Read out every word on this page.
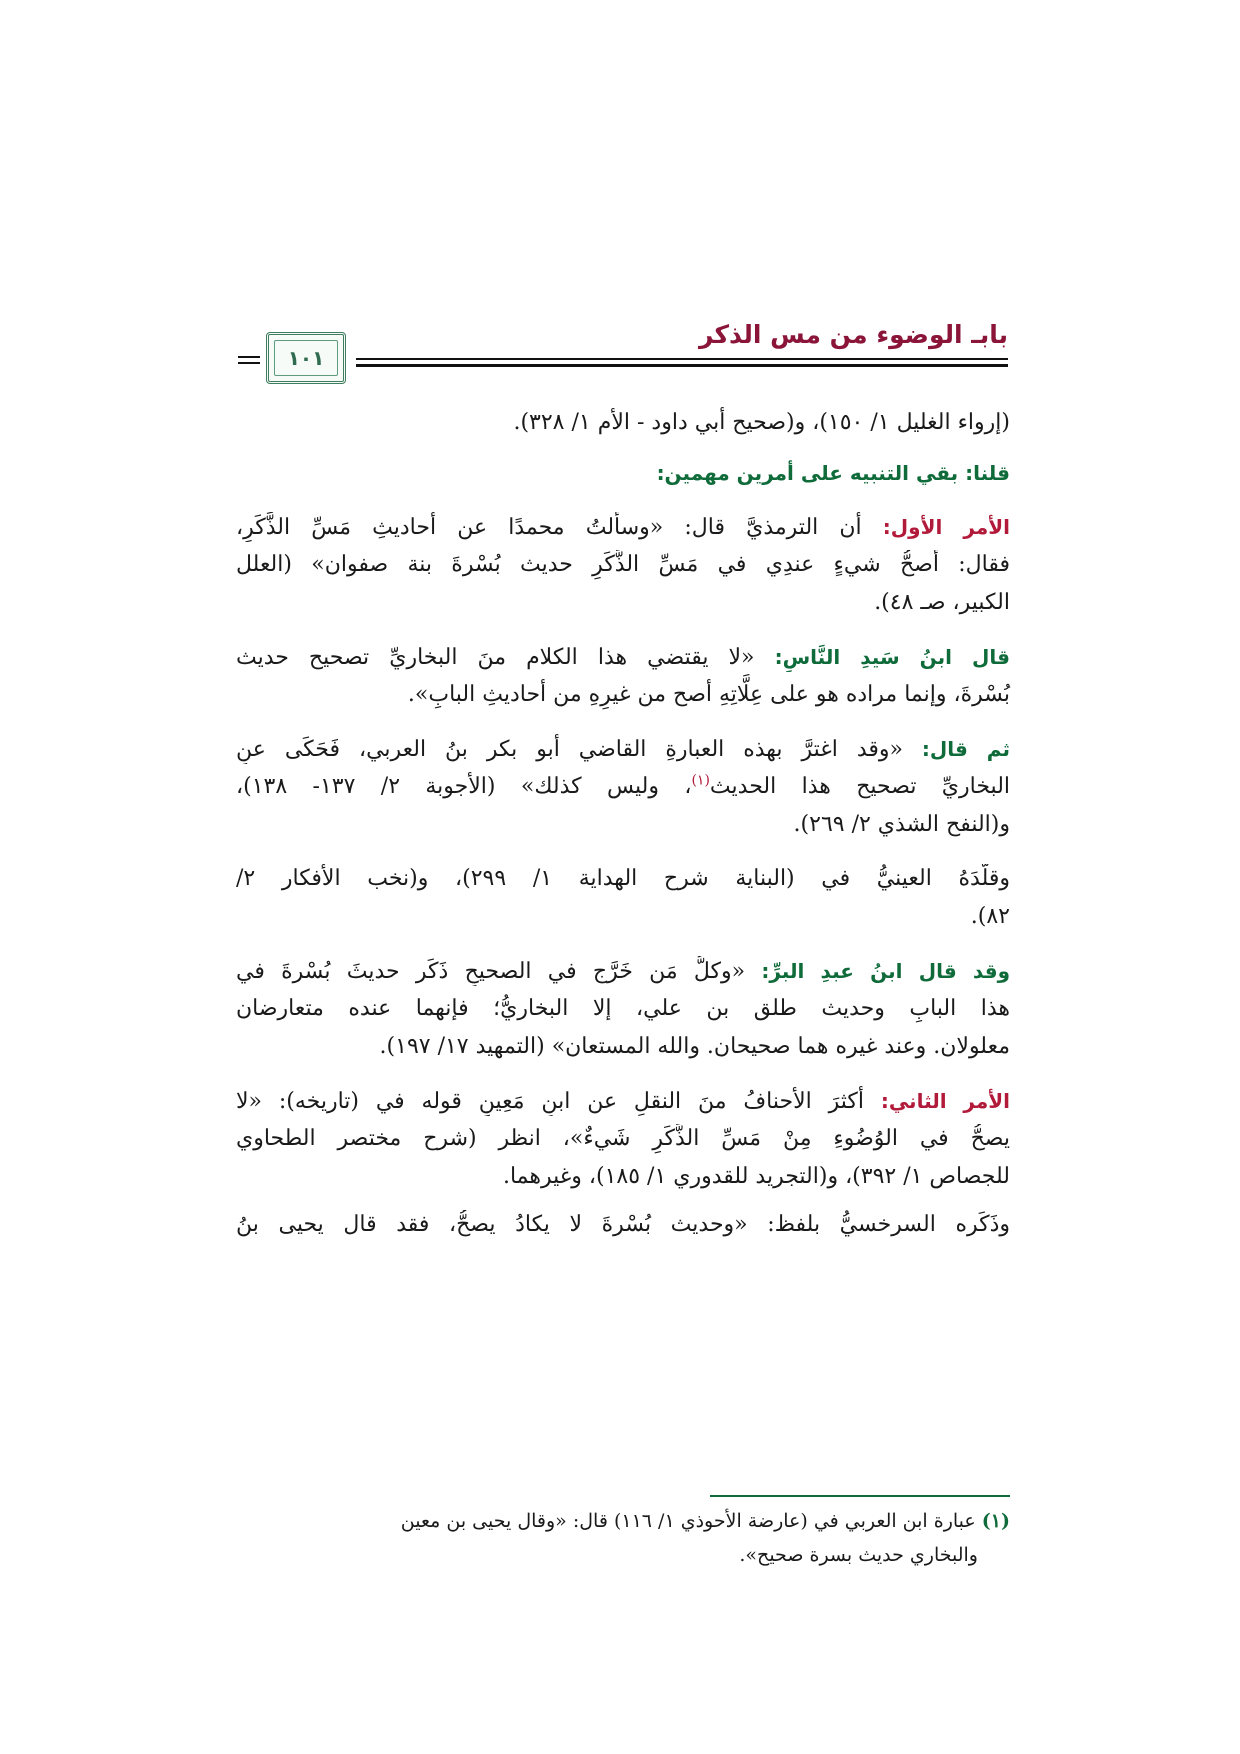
بابـ الوضوء من مس الذكر
١٠١
(إرواء الغليل ١/ ١٥٠)، و(صحيح أبي داود - الأم ١/ ٣٢٨).
قلنا: بقي التنبيه على أمرين مهمين:
الأمر الأول: أن الترمذيَّ قال: «وسألتُ محمدًا عن أحاديثِ مَسِّ الذَّكَرِ،
فقال: أصحُّ شيءٍ عندِي في مَسِّ الذَّكَرِ حديث بُسْرةَ بنة صفوان» (العلل
الكبير، صـ ٤٨).
قال ابنُ سَيدِ النَّاسِ: «لا يقتضي هذا الكلام منَ البخاريِّ تصحيح حديث
بُسْرةَ، وإنما مراده هو على عِلَّاتِهِ أصح من غيرِهِ من أحاديثِ البابِ».
ثم قال: «وقد اغترَّ بهذه العبارةِ القاضي أبو بكر بنُ العربي، فَحَكَى عنِ
البخاريِّ تصحيح هذا الحديث$^{(١)}$، وليس كذلك» (الأجوبة ٢/ ١٣٧- ١٣٨)،
و(النفح الشذي ٢/ ٢٦٩).
وقلَّدَهُ العينيُّ في (البناية شرح الهداية ١/ ٢٩٩)، و(نخب الأفكار ٢/
٨٢).
وقد قال ابنُ عبدِ البرِّ: «وكلُّ مَن خَرَّج في الصحيحِ ذَكَر حديثَ بُسْرةَ في
هذا البابِ وحديث طلق بن علي، إلا البخاريُّ؛ فإنهما عنده متعارضان
معلولان. وعند غيره هما صحيحان. والله المستعان» (التمهيد ١٧/ ١٩٧).
الأمر الثاني: أكثرَ الأحنافُ منَ النقلِ عن ابنِ مَعِينٍ قوله في (تاريخه): «لا
يصحُّ في الوُضُوءِ مِنْ مَسِّ الذَّكَرِ شَيءٌ»، انظر (شرح مختصر الطحاوي
للجصاص ١/ ٣٩٢)، و(التجريد للقدوري ١/ ١٨٥)، وغيرهما.
وذَكَره السرخسيُّ بلفظ: «وحديث بُسْرةَ لا يكادُ يصحُّ، فقد قال يحيى بنُ
(١) عبارة ابن العربي في (عارضة الأحوذي ١/ ١١٦) قال: «وقال يحيى بن معين
والبخاري حديث بسرة صحيح».
